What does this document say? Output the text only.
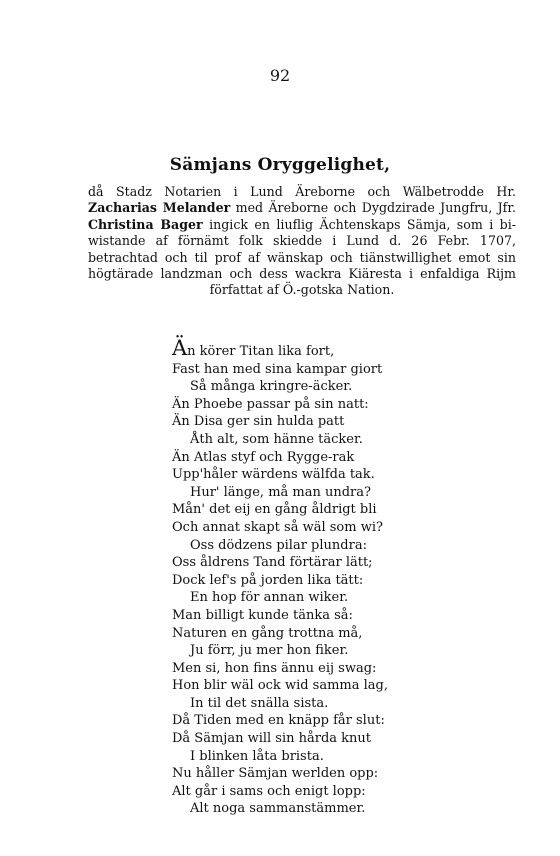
92
Sämjans Oryggelighet,
då Stadz Notarien i Lund Äreborne och Wälbetrodde Hr.
Zacharias Melander med Äreborne och Dygdzirade Jungfru, Jfr.
Christina Bager ingick en liuflig Ächtenskaps Sämja, som i bi-
wistande af förnämt folk skiedde i Lund d. 26 Febr. 1707,
betrachtad och til prof af wänskap och tiänstwillighet emot sin
högtärade landzman och dess wackra Kiäresta i enfaldiga Rijm
författat af Ö.-gotska Nation.
Än körer Titan lika fort,
Fast han med sina kampar giort
Så många kringre-äcker.
Än Phoebe passar på sin natt:
Än Disa ger sin hulda patt
Åth alt, som hänne täcker.
Än Atlas styf och Rygge-rak
Upp'håler wärdens wälfda tak.
Hur' länge, må man undra?
Mån' det eij en gång åldrigt bli
Och annat skapt så wäl som wi?
Oss dödzens pilar plundra:
Oss åldrens Tand förtärar lätt;
Dock lef's på jorden lika tätt:
En hop för annan wiker.
Man billigt kunde tänka så:
Naturen en gång trottna må,
Ju förr, ju mer hon fiker.
Men si, hon fins ännu eij swag:
Hon blir wäl ock wid samma lag,
In til det snälla sista.
Då Tiden med en knäpp får slut:
Då Sämjan will sin hårda knut
I blinken låta brista.
Nu håller Sämjan werlden opp:
Alt går i sams och enigt lopp:
Alt noga sammanstämmer.
